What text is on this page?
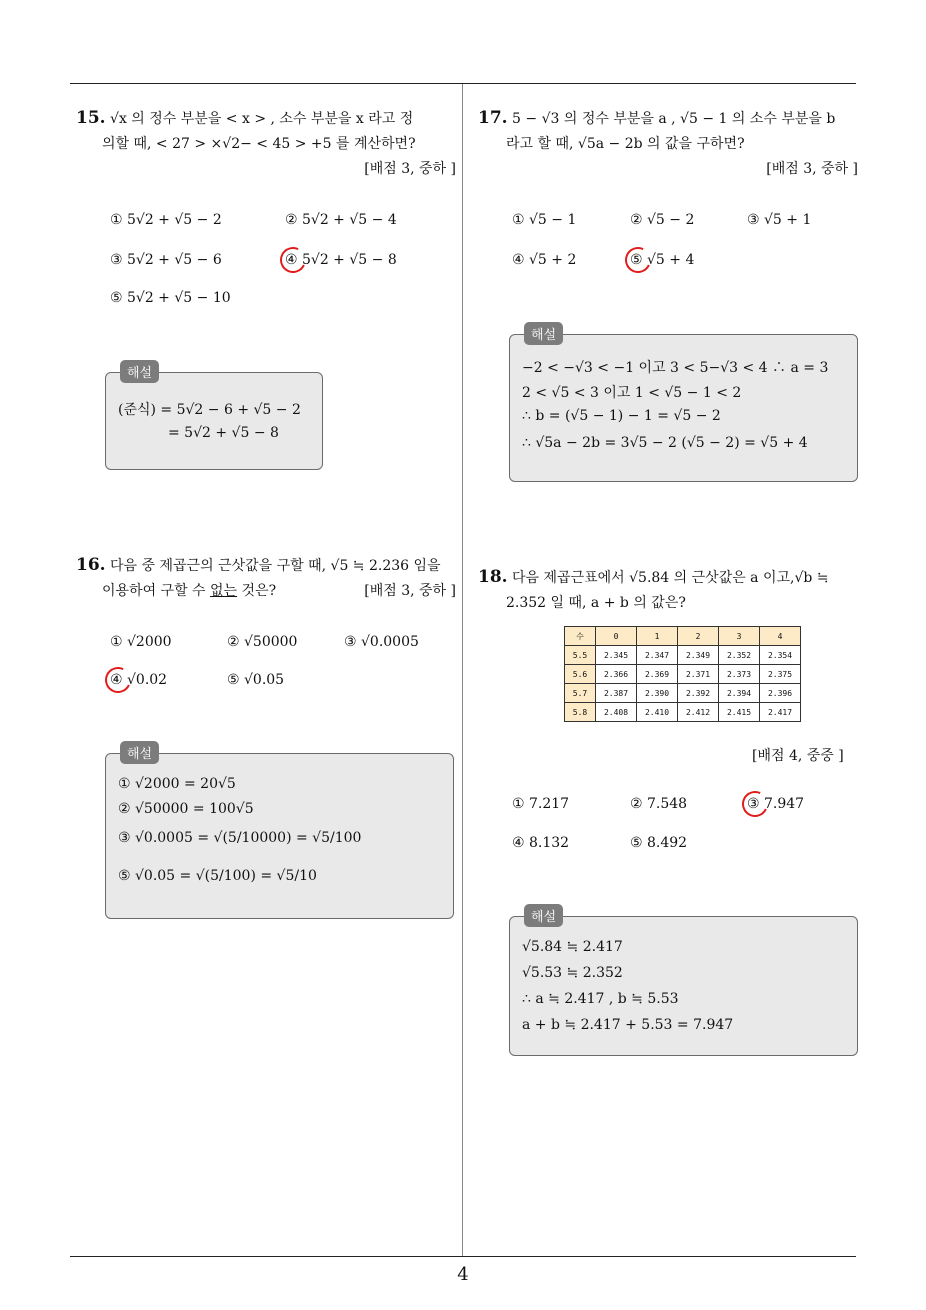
4
15. √x 의 정수 부분을 < x > , 소수 부분을 x 라고 정
의할 때, < 27 > ×√2− < 45 > +5 를 계산하면?
[배점 3, 중하 ]
① 5√2 + √5 − 2	② 5√2 + √5 − 4
③ 5√2 + √5 − 6	④ 5√2 + √5 − 8
⑤ 5√2 + √5 − 10
해설
(준식) = 5√2 − 6 + √5 − 2
= 5√2 + √5 − 8
16. 다음 중 제곱근의 근삿값을 구할 때, √5 ≒ 2.236 임을
이용하여 구할 수 없는 것은?	[배점 3, 중하 ]
① √2000	② √50000	③ √0.0005
④ √0.02	⑤ √0.05
해설
① √2000 = 20√5
② √50000 = 100√5
③ √0.0005 = √(5/10000) = √5/100
⑤ √0.05 = √(5/100) = √5/10
17. 5 − √3 의 정수 부분을 a , √5 − 1 의 소수 부분을 b
라고 할 때, √5a − 2b 의 값을 구하면?
[배점 3, 중하 ]
① √5 − 1	② √5 − 2	③ √5 + 1
④ √5 + 2	⑤ √5 + 4
해설
−2 < −√3 < −1 이고 3 < 5−√3 < 4 ∴ a = 3
2 < √5 < 3 이고 1 < √5 − 1 < 2
∴ b = (√5 − 1) − 1 = √5 − 2
∴ √5a − 2b = 3√5 − 2 (√5 − 2) = √5 + 4
18. 다음 제곱근표에서 √5.84 의 근삿값은 a 이고,√b ≒
2.352 일 때, a + b 의 값은?
수	0	1	2	3	4
5.5	2.345	2.347	2.349	2.352	2.354
5.6	2.366	2.369	2.371	2.373	2.375
5.7	2.387	2.390	2.392	2.394	2.396
5.8	2.408	2.410	2.412	2.415	2.417
[배점 4, 중중 ]
① 7.217	② 7.548	③ 7.947
④ 8.132	⑤ 8.492
해설
√5.84 ≒ 2.417
√5.53 ≒ 2.352
∴ a ≒ 2.417 , b ≒ 5.53
a + b ≒ 2.417 + 5.53 = 7.947
